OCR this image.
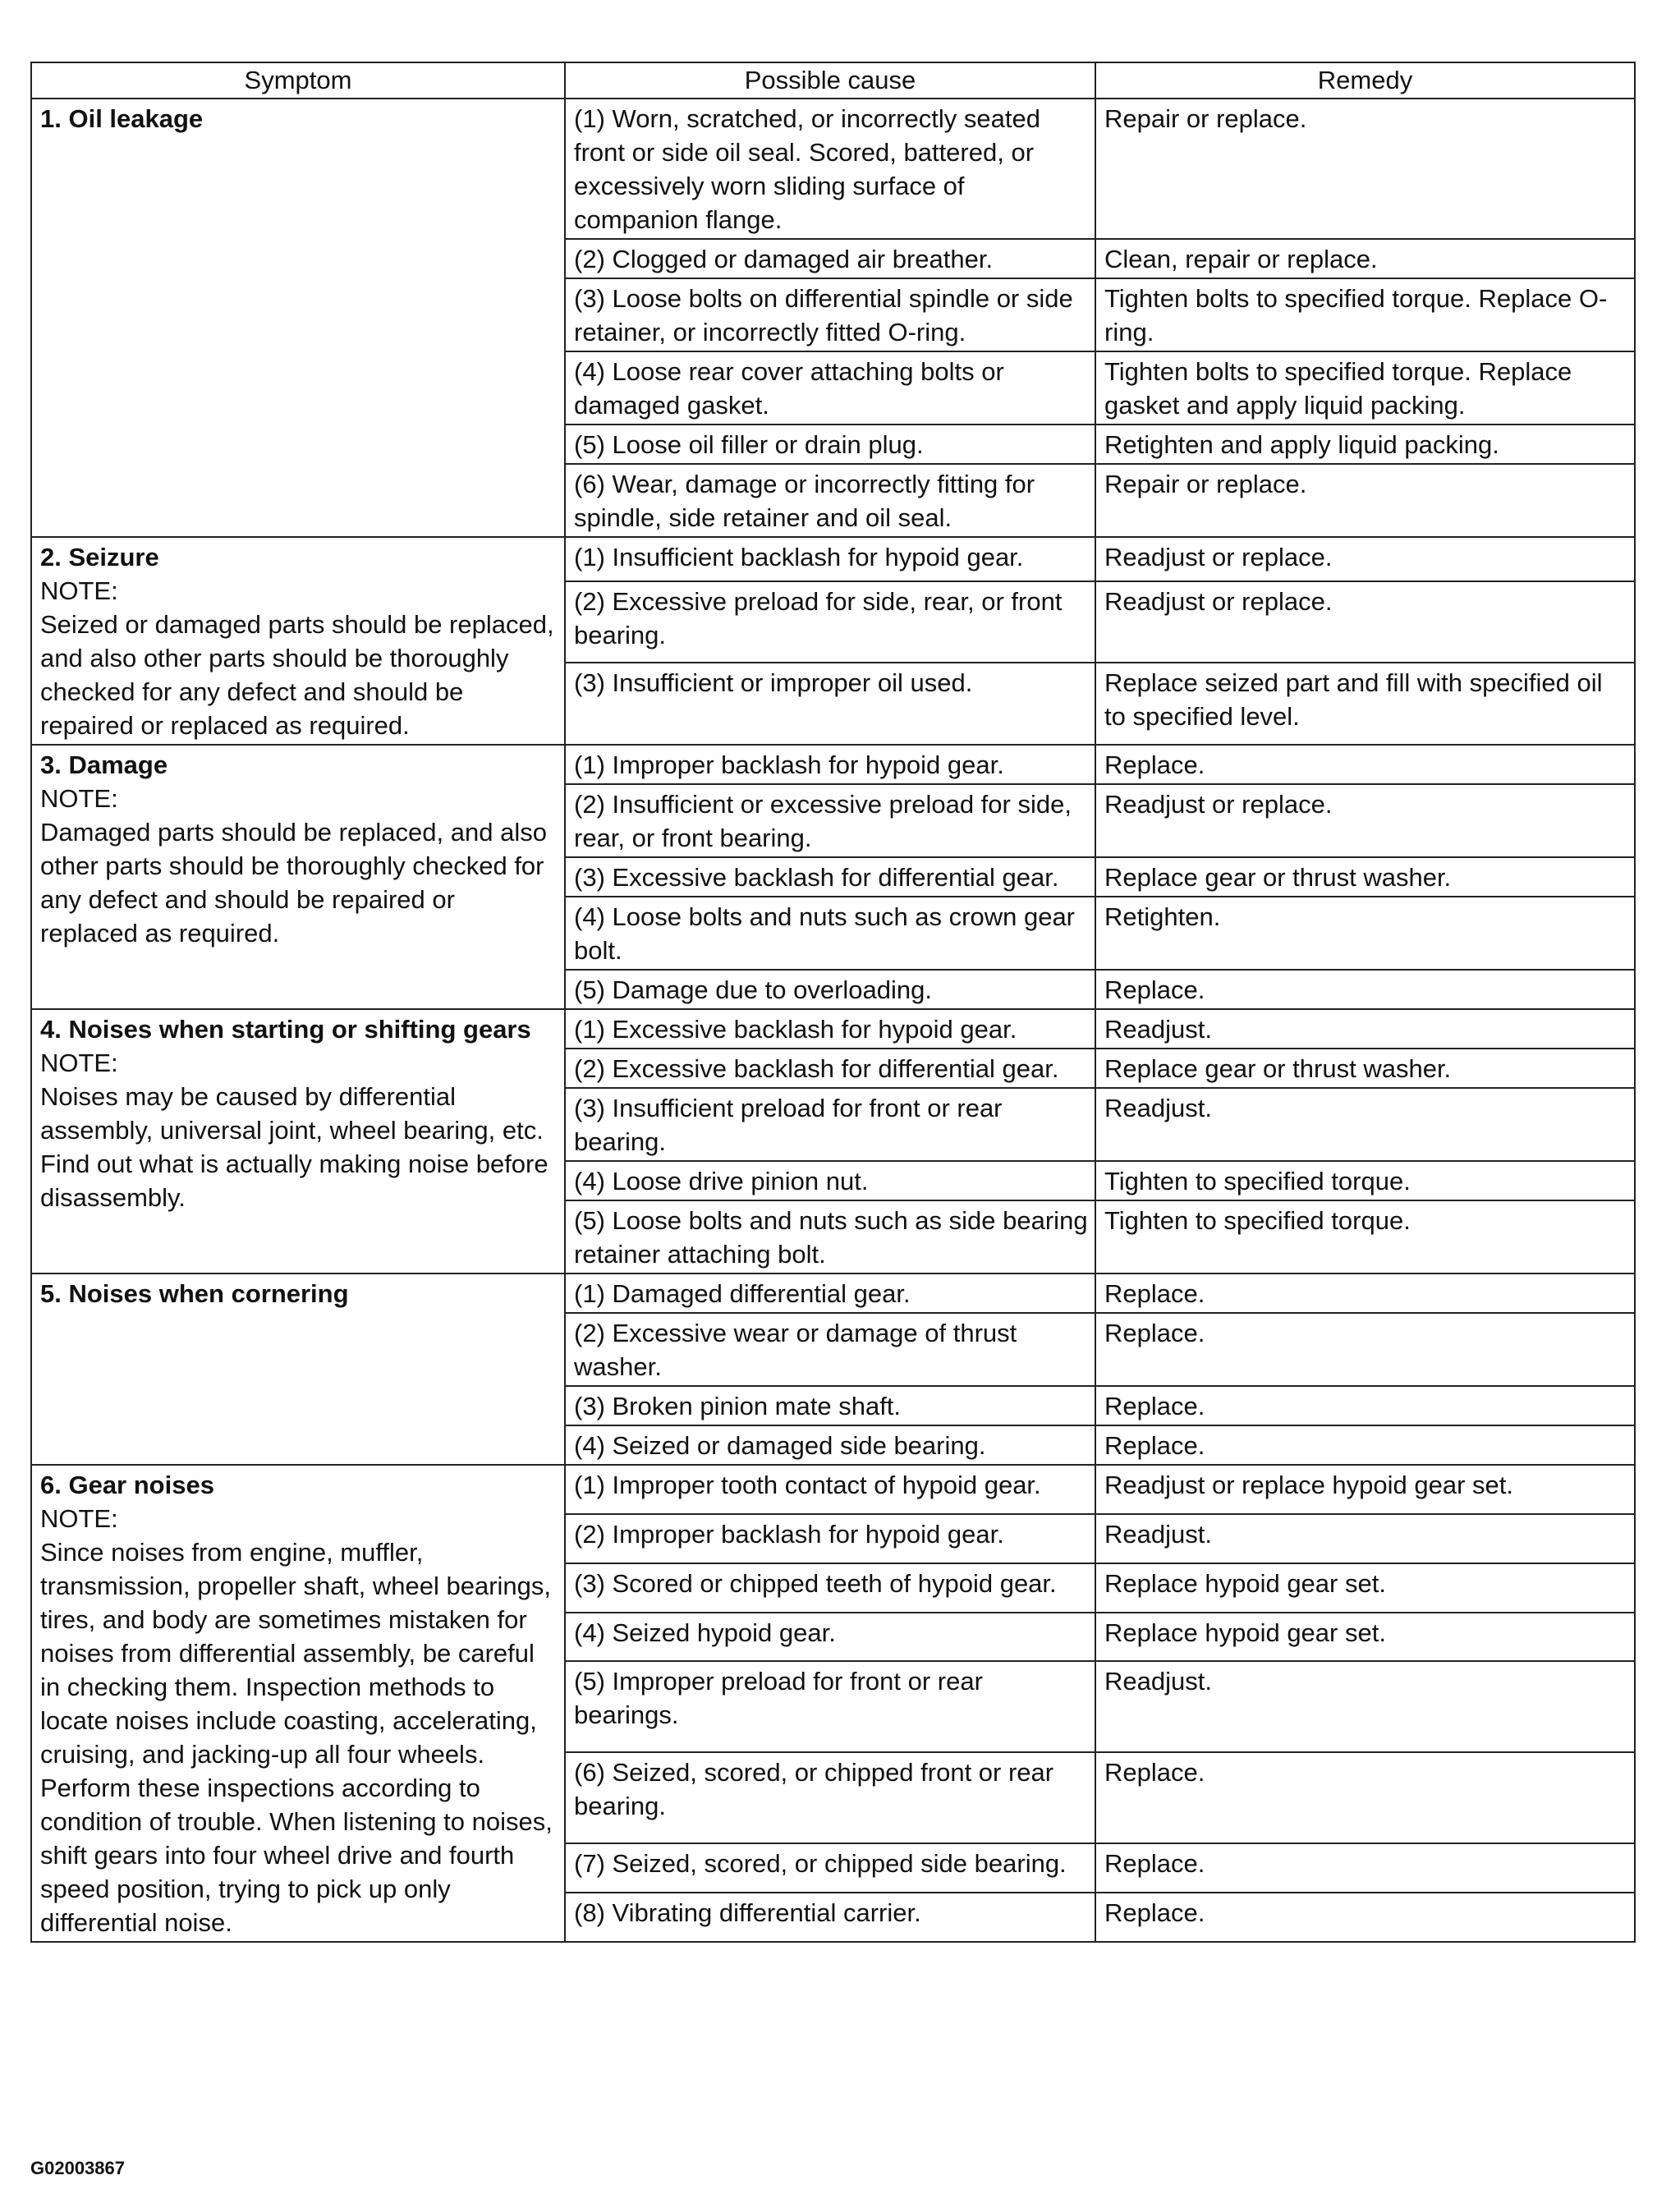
Symptom	Possible cause	Remedy

1. Oil leakage	(1) Worn, scratched, or incorrectly seated front or side oil seal. Scored, battered, or excessively worn sliding surface of companion flange.	Repair or replace.
	(2) Clogged or damaged air breather.	Clean, repair or replace.
	(3) Loose bolts on differential spindle or side retainer, or incorrectly fitted O-ring.	Tighten bolts to specified torque. Replace O-ring.
	(4) Loose rear cover attaching bolts or damaged gasket.	Tighten bolts to specified torque. Replace gasket and apply liquid packing.
	(5) Loose oil filler or drain plug.	Retighten and apply liquid packing.
	(6) Wear, damage or incorrectly fitting for spindle, side retainer and oil seal.	Repair or replace.

2. Seizure
NOTE:
Seized or damaged parts should be replaced, and also other parts should be thoroughly checked for any defect and should be repaired or replaced as required.	(1) Insufficient backlash for hypoid gear.	Readjust or replace.
	(2) Excessive preload for side, rear, or front bearing.	Readjust or replace.
	(3) Insufficient or improper oil used.	Replace seized part and fill with specified oil to specified level.

3. Damage
NOTE:
Damaged parts should be replaced, and also other parts should be thoroughly checked for any defect and should be repaired or replaced as required.	(1) Improper backlash for hypoid gear.	Replace.
	(2) Insufficient or excessive preload for side, rear, or front bearing.	Readjust or replace.
	(3) Excessive backlash for differential gear.	Replace gear or thrust washer.
	(4) Loose bolts and nuts such as crown gear bolt.	Retighten.
	(5) Damage due to overloading.	Replace.

4. Noises when starting or shifting gears
NOTE:
Noises may be caused by differential assembly, universal joint, wheel bearing, etc. Find out what is actually making noise before disassembly.	(1) Excessive backlash for hypoid gear.	Readjust.
	(2) Excessive backlash for differential gear.	Replace gear or thrust washer.
	(3) Insufficient preload for front or rear bearing.	Readjust.
	(4) Loose drive pinion nut.	Tighten to specified torque.
	(5) Loose bolts and nuts such as side bearing retainer attaching bolt.	Tighten to specified torque.

5. Noises when cornering	(1) Damaged differential gear.	Replace.
	(2) Excessive wear or damage of thrust washer.	Replace.
	(3) Broken pinion mate shaft.	Replace.
	(4) Seized or damaged side bearing.	Replace.

6. Gear noises
NOTE:
Since noises from engine, muffler, transmission, propeller shaft, wheel bearings, tires, and body are sometimes mistaken for noises from differential assembly, be careful in checking them. Inspection methods to locate noises include coasting, accelerating, cruising, and jacking-up all four wheels. Perform these inspections according to condition of trouble. When listening to noises, shift gears into four wheel drive and fourth speed position, trying to pick up only differential noise.	(1) Improper tooth contact of hypoid gear.	Readjust or replace hypoid gear set.
	(2) Improper backlash for hypoid gear.	Readjust.
	(3) Scored or chipped teeth of hypoid gear.	Replace hypoid gear set.
	(4) Seized hypoid gear.	Replace hypoid gear set.
	(5) Improper preload for front or rear bearings.	Readjust.
	(6) Seized, scored, or chipped front or rear bearing.	Replace.
	(7) Seized, scored, or chipped side bearing.	Replace.
	(8) Vibrating differential carrier.	Replace.
G02003867
